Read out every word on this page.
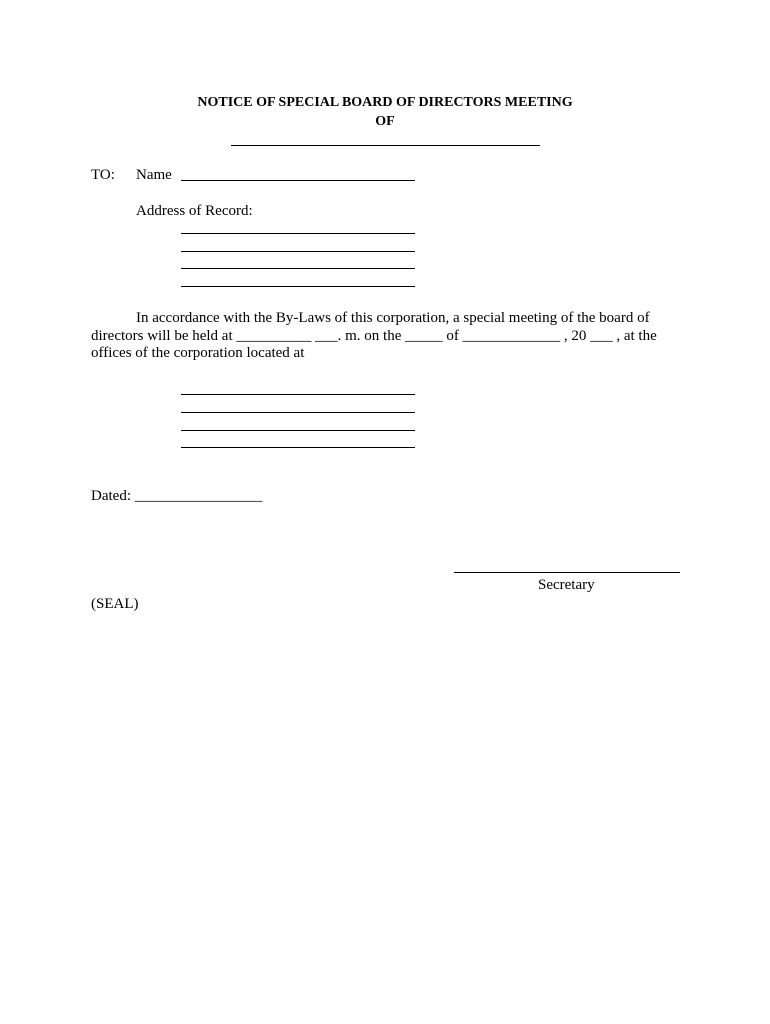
NOTICE OF SPECIAL BOARD OF DIRECTORS MEETING
OF
TO: Name
Address of Record:
In accordance with the By-Laws of this corporation, a special meeting of the board of
directors will be held at __________ ___. m. on the _____ of _____________ , 20 ___ , at the
offices of the corporation located at
Dated: _________________
Secretary
(SEAL)
